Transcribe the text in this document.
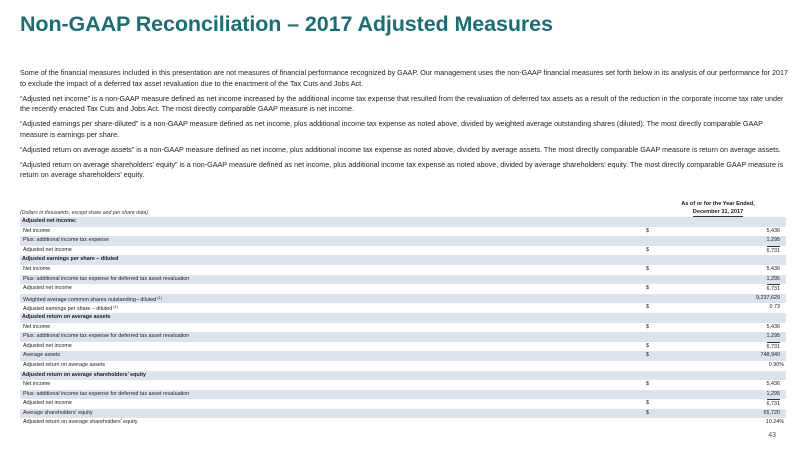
Non-GAAP Reconciliation – 2017 Adjusted Measures

Some of the financial measures included in this presentation are not measures of financial performance recognized by GAAP. Our management uses the non-GAAP financial measures set forth below in its analysis of our performance for 2017 to exclude the impact of a deferred tax asset revaluation due to the enactment of the Tax Cuts and Jobs Act.

“Adjusted net income” is a non-GAAP measure defined as net income increased by the additional income tax expense that resulted from the revaluation of deferred tax assets as a result of the reduction in the corporate income tax rate under the recently enacted Tax Cuts and Jobs Act. The most directly comparable GAAP measure is net income.

“Adjusted earnings per share-diluted” is a non-GAAP measure defined as net income, plus additional income tax expense as noted above, divided by weighted average outstanding shares (diluted). The most directly comparable GAAP measure is earnings per share.

“Adjusted return on average assets” is a non-GAAP measure defined as net income, plus additional income tax expense as noted above, divided by average assets. The most directly comparable GAAP measure is return on average assets.

“Adjusted return on average shareholders’ equity” is a non-GAAP measure defined as net income, plus additional income tax expense as noted above, divided by average shareholders’ equity. The most directly comparable GAAP measure is return on average shareholders’ equity.

(Dollars in thousands, except share and per share data)
As of or for the Year Ended,
December 31, 2017
Adjusted net income:
Net income	$	5,436
Plus: additional income tax expense	1,295
Adjusted net income	$	6,731
Adjusted earnings per share – diluted
Net income	$	5,436
Plus: additional income tax expense for deferred tax asset revaluation	1,295
Adjusted net income	$	6,731
Weighted average common shares outstanding– diluted$^{(1)}$	9,237,629
Adjusted earnings per share – diluted$^{(1)}$	$	0.73
Adjusted return on average assets
Net income	$	5,436
Plus: additional income tax expense for deferred tax asset revaluation	1,295
Adjusted net income	$	6,731
Average assets	$	748,940
Adjusted return on average assets	0.90%
Adjusted return on average shareholders’ equity
Net income	$	5,436
Plus: additional income tax expense for deferred tax asset revaluation	1,295
Adjusted net income	$	6,731
Average shareholders’ equity	$	65,720
Adjusted return on average shareholders’ equity	10.24%
43
